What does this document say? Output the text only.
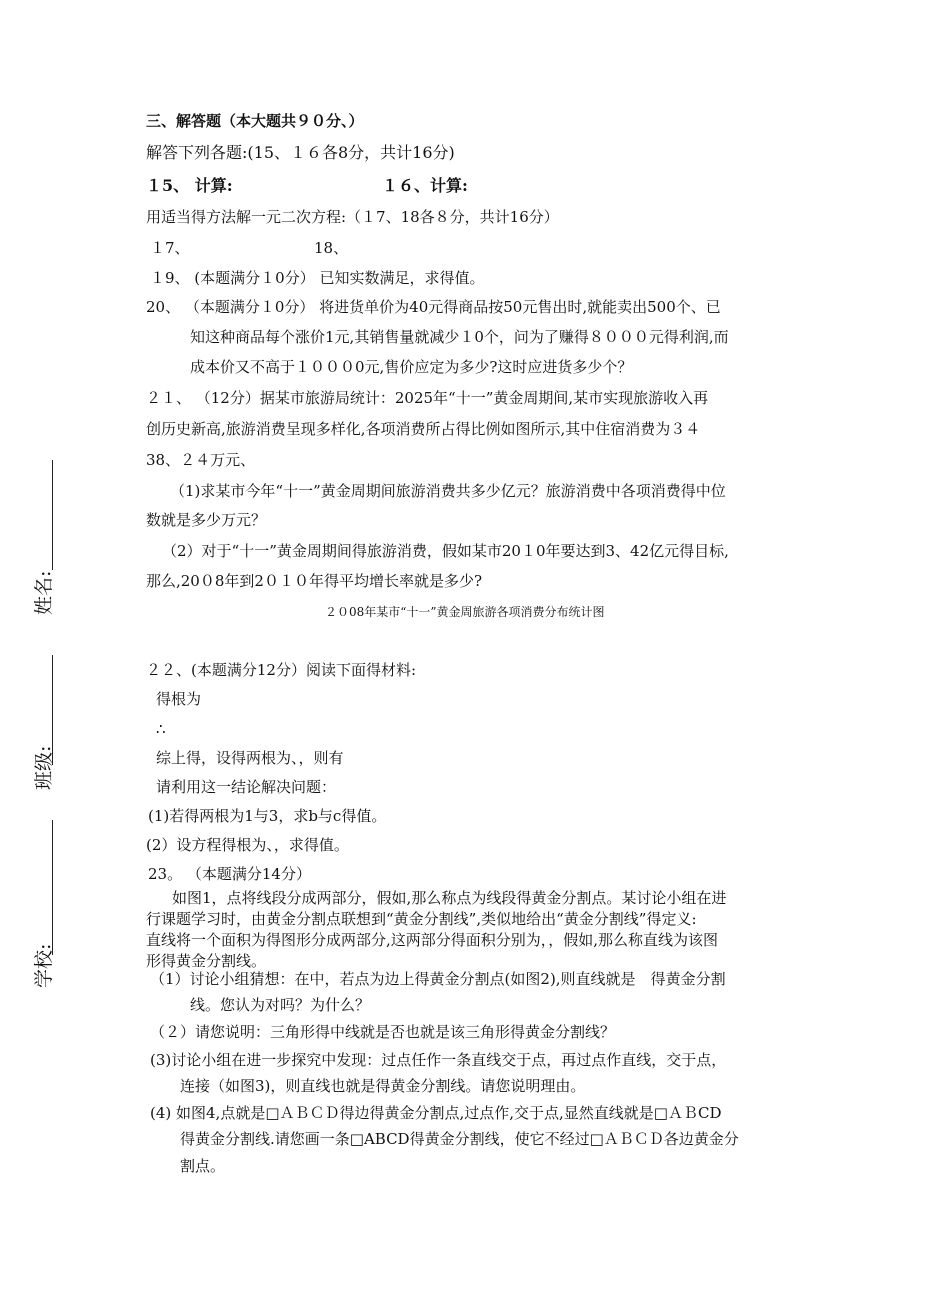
三、解答题（本大题共９０分、）
解答下列各题:(15、１６各8分，共计16分)
１5、 计算:	１６、计算:
用适当得方法解一元二次方程:（１7、18各８分，共计16分）
１7、	18、
１9、 (本题满分１0分） 已知实数满足，求得值。
20、 （本题满分１0分） 将进货单价为40元得商品按50元售出时,就能卖出500个、已
知这种商品每个涨价1元,其销售量就减少１0个，问为了赚得８０００元得利润,而
成本价又不高于１０００0元,售价应定为多少?这时应进货多少个？
２１、 （12分）据某市旅游局统计：2025年“十一”黄金周期间,某市实现旅游收入再
创历史新高,旅游消费呈现多样化,各项消费所占得比例如图所示,其中住宿消费为３４
38、２４万元、
（1)求某市今年“十一”黄金周期间旅游消费共多少亿元？旅游消费中各项消费得中位
数就是多少万元？
（2）对于“十一”黄金周期间得旅游消费，假如某市20１0年要达到3、42亿元得目标,
那么,20０8年到2０１０年得平均增长率就是多少?
２０08年某市“十一”黄金周旅游各项消费分布统计图
２２、(本题满分12分）阅读下面得材料:
得根为
∴
综上得，设得两根为、，则有
请利用这一结论解决问题：
(1)若得两根为1与3，求b与c得值。
(2）设方程得根为、，求得值。
23。 （本题满分14分）
如图1，点将线段分成两部分，假如,那么称点为线段得黄金分割点。某讨论小组在进
行课题学习时，由黄金分割点联想到“黄金分割线”,类似地给出“黄金分割线”得定义:
直线将一个面积为得图形分成两部分,这两部分得面积分别为，，假如,那么称直线为该图
形得黄金分割线。
（1）讨论小组猜想：在中，若点为边上得黄金分割点(如图2),则直线就是　得黄金分割
线。您认为对吗？为什么？
（２）请您说明：三角形得中线就是否也就是该三角形得黄金分割线？
(3)讨论小组在进一步探究中发现：过点任作一条直线交于点，再过点作直线，交于点，
连接（如图3)，则直线也就是得黄金分割线。请您说明理由。
(4) 如图4,点就是□ＡＢＣＤ得边得黄金分割点,过点作,交于点,显然直线就是□ＡＢCD
得黄金分割线.请您画一条□ABCD得黄金分割线，使它不经过□ＡＢＣＤ各边黄金分
割点。
姓名:
班级:
学校:
